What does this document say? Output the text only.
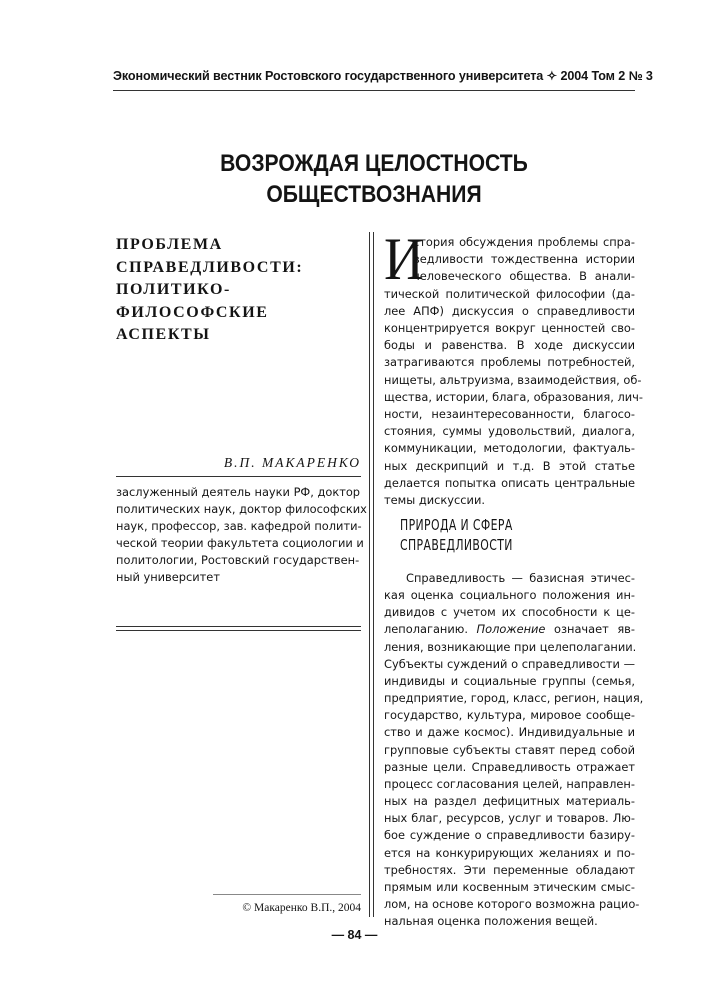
Экономический вестник Ростовского государственного университета ✧ 2004 Том 2 № 3
ВОЗРОЖДАЯ ЦЕЛОСТНОСТЬ
ОБЩЕСТВОЗНАНИЯ
ПРОБЛЕМА
СПРАВЕДЛИВОСТИ:
ПОЛИТИКО-
ФИЛОСОФСКИЕ
АСПЕКТЫ
В.П. МАКАРЕНКО
заслуженный деятель науки РФ, доктор
политических наук, доктор философских
наук, профессор, зав. кафедрой полити-
ческой теории факультета социологии и
политологии, Ростовский государствен-
ный университет
© Макаренко В.П., 2004
И
стория обсуждения проблемы спра-
ведливости тождественна истории
человеческого общества. В анали-
тической политической философии (да-
лее АПФ) дискуссия о справедливости
концентрируется вокруг ценностей сво-
боды и равенства. В ходе дискуссии
затрагиваются проблемы потребностей,
нищеты, альтруизма, взаимодействия, об-
щества, истории, блага, образования, лич-
ности, незаинтересованности, благосо-
стояния, суммы удовольствий, диалога,
коммуникации, методологии, фактуаль-
ных дескрипций и т.д. В этой статье
делается попытка описать центральные
темы дискуссии.
ПРИРОДА И СФЕРА
СПРАВЕДЛИВОСТИ
Справедливость — базисная этичес-
кая оценка социального положения ин-
дивидов с учетом их способности к це-
леполаганию. Положение означает яв-
ления, возникающие при целеполагании.
Субъекты суждений о справедливости —
индивиды и социальные группы (семья,
предприятие, город, класс, регион, нация,
государство, культура, мировое сообще-
ство и даже космос). Индивидуальные и
групповые субъекты ставят перед собой
разные цели. Справедливость отражает
процесс согласования целей, направлен-
ных на раздел дефицитных материаль-
ных благ, ресурсов, услуг и товаров. Лю-
бое суждение о справедливости базиру-
ется на конкурирующих желаниях и по-
требностях. Эти переменные обладают
прямым или косвенным этическим смыс-
лом, на основе которого возможна рацио-
нальная оценка положения вещей.
— 84 —
